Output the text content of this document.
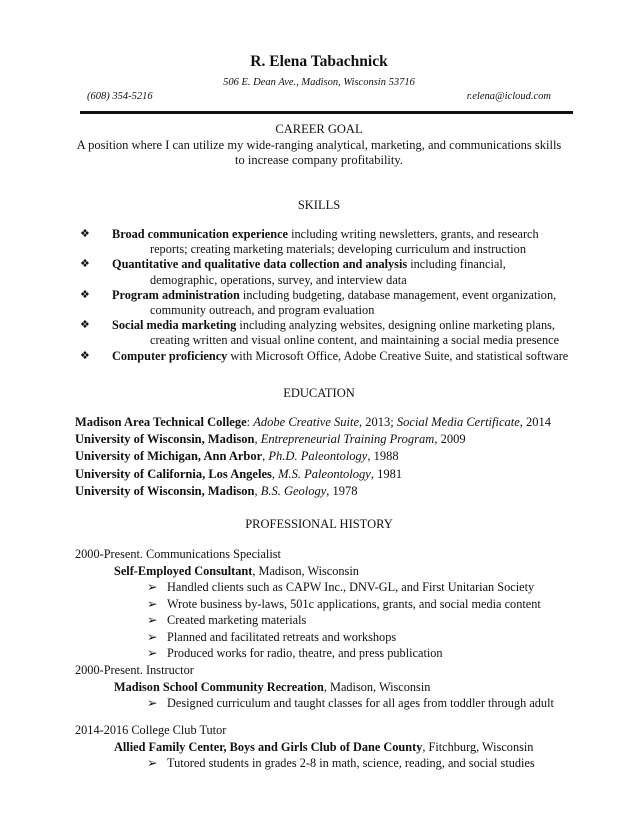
R. Elena Tabachnick
506 E. Dean Ave., Madison, Wisconsin 53716
(608) 354-5216	r.elena@icloud.com
CAREER GOAL
A position where I can utilize my wide-ranging analytical, marketing, and communications skills
to increase company profitability.
SKILLS
❖	Broad communication experience including writing newsletters, grants, and research
reports; creating marketing materials; developing curriculum and instruction
❖	Quantitative and qualitative data collection and analysis including financial,
demographic, operations, survey, and interview data
❖	Program administration including budgeting, database management, event organization,
community outreach, and program evaluation
❖	Social media marketing including analyzing websites, designing online marketing plans,
creating written and visual online content, and maintaining a social media presence
❖	Computer proficiency with Microsoft Office, Adobe Creative Suite, and statistical software
EDUCATION
Madison Area Technical College: Adobe Creative Suite, 2013; Social Media Certificate, 2014
University of Wisconsin, Madison, Entrepreneurial Training Program, 2009
University of Michigan, Ann Arbor, Ph.D. Paleontology, 1988
University of California, Los Angeles, M.S. Paleontology, 1981
University of Wisconsin, Madison, B.S. Geology, 1978
PROFESSIONAL HISTORY
2000-Present. Communications Specialist
Self-Employed Consultant, Madison, Wisconsin
➢ Handled clients such as CAPW Inc., DNV-GL, and First Unitarian Society
➢ Wrote business by-laws, 501c applications, grants, and social media content
➢ Created marketing materials
➢ Planned and facilitated retreats and workshops
➢ Produced works for radio, theatre, and press publication
2000-Present. Instructor
Madison School Community Recreation, Madison, Wisconsin
➢ Designed curriculum and taught classes for all ages from toddler through adult
2014-2016 College Club Tutor
Allied Family Center, Boys and Girls Club of Dane County, Fitchburg, Wisconsin
➢ Tutored students in grades 2-8 in math, science, reading, and social studies
